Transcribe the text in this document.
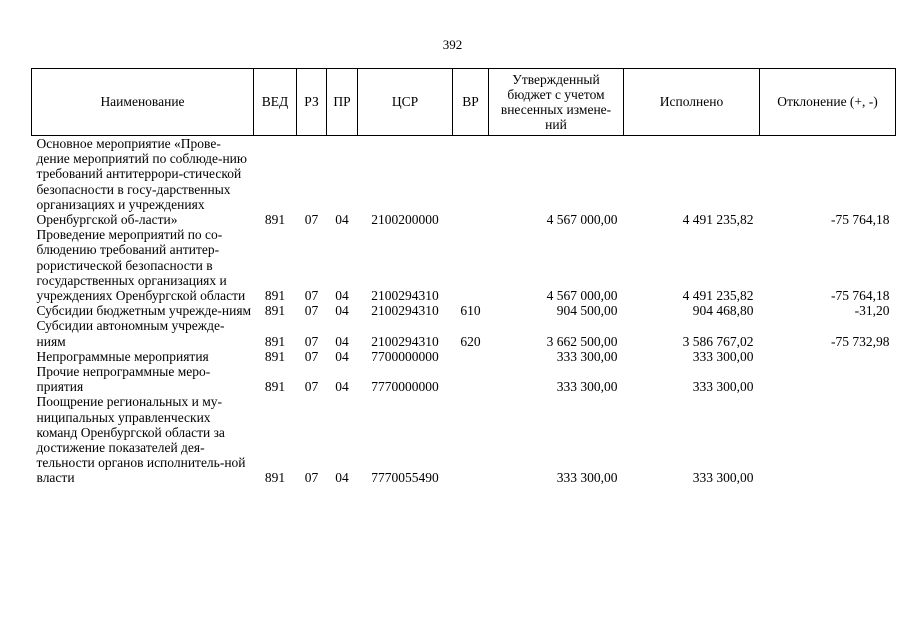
392
Наименование	ВЕД	РЗ	ПР	ЦСР	ВР	Утвержденный бюджет с учетом внесенных измене-ний	Исполнено	Отклонение (+, -)
Основное мероприятие «Прове-дение мероприятий по соблюде-нию требований антитеррори-стической безопасности в госу-дарственных организациях и учреждениях Оренбургской об-ласти»	891	07	04	2100200000		4 567 000,00	4 491 235,82	-75 764,18
Проведение мероприятий по со-блюдению требований антитер-рористической безопасности в государственных организациях и учреждениях Оренбургской области	891	07	04	2100294310		4 567 000,00	4 491 235,82	-75 764,18
Субсидии бюджетным учрежде-ниям	891	07	04	2100294310	610	904 500,00	904 468,80	-31,20
Субсидии автономным учрежде-ниям	891	07	04	2100294310	620	3 662 500,00	3 586 767,02	-75 732,98
Непрограммные мероприятия	891	07	04	7700000000		333 300,00	333 300,00	
Прочие непрограммные меро-приятия	891	07	04	7770000000		333 300,00	333 300,00	
Поощрение региональных и му-ниципальных управленческих команд Оренбургской области за достижение показателей дея-тельности органов исполнитель-ной власти	891	07	04	7770055490		333 300,00	333 300,00	
